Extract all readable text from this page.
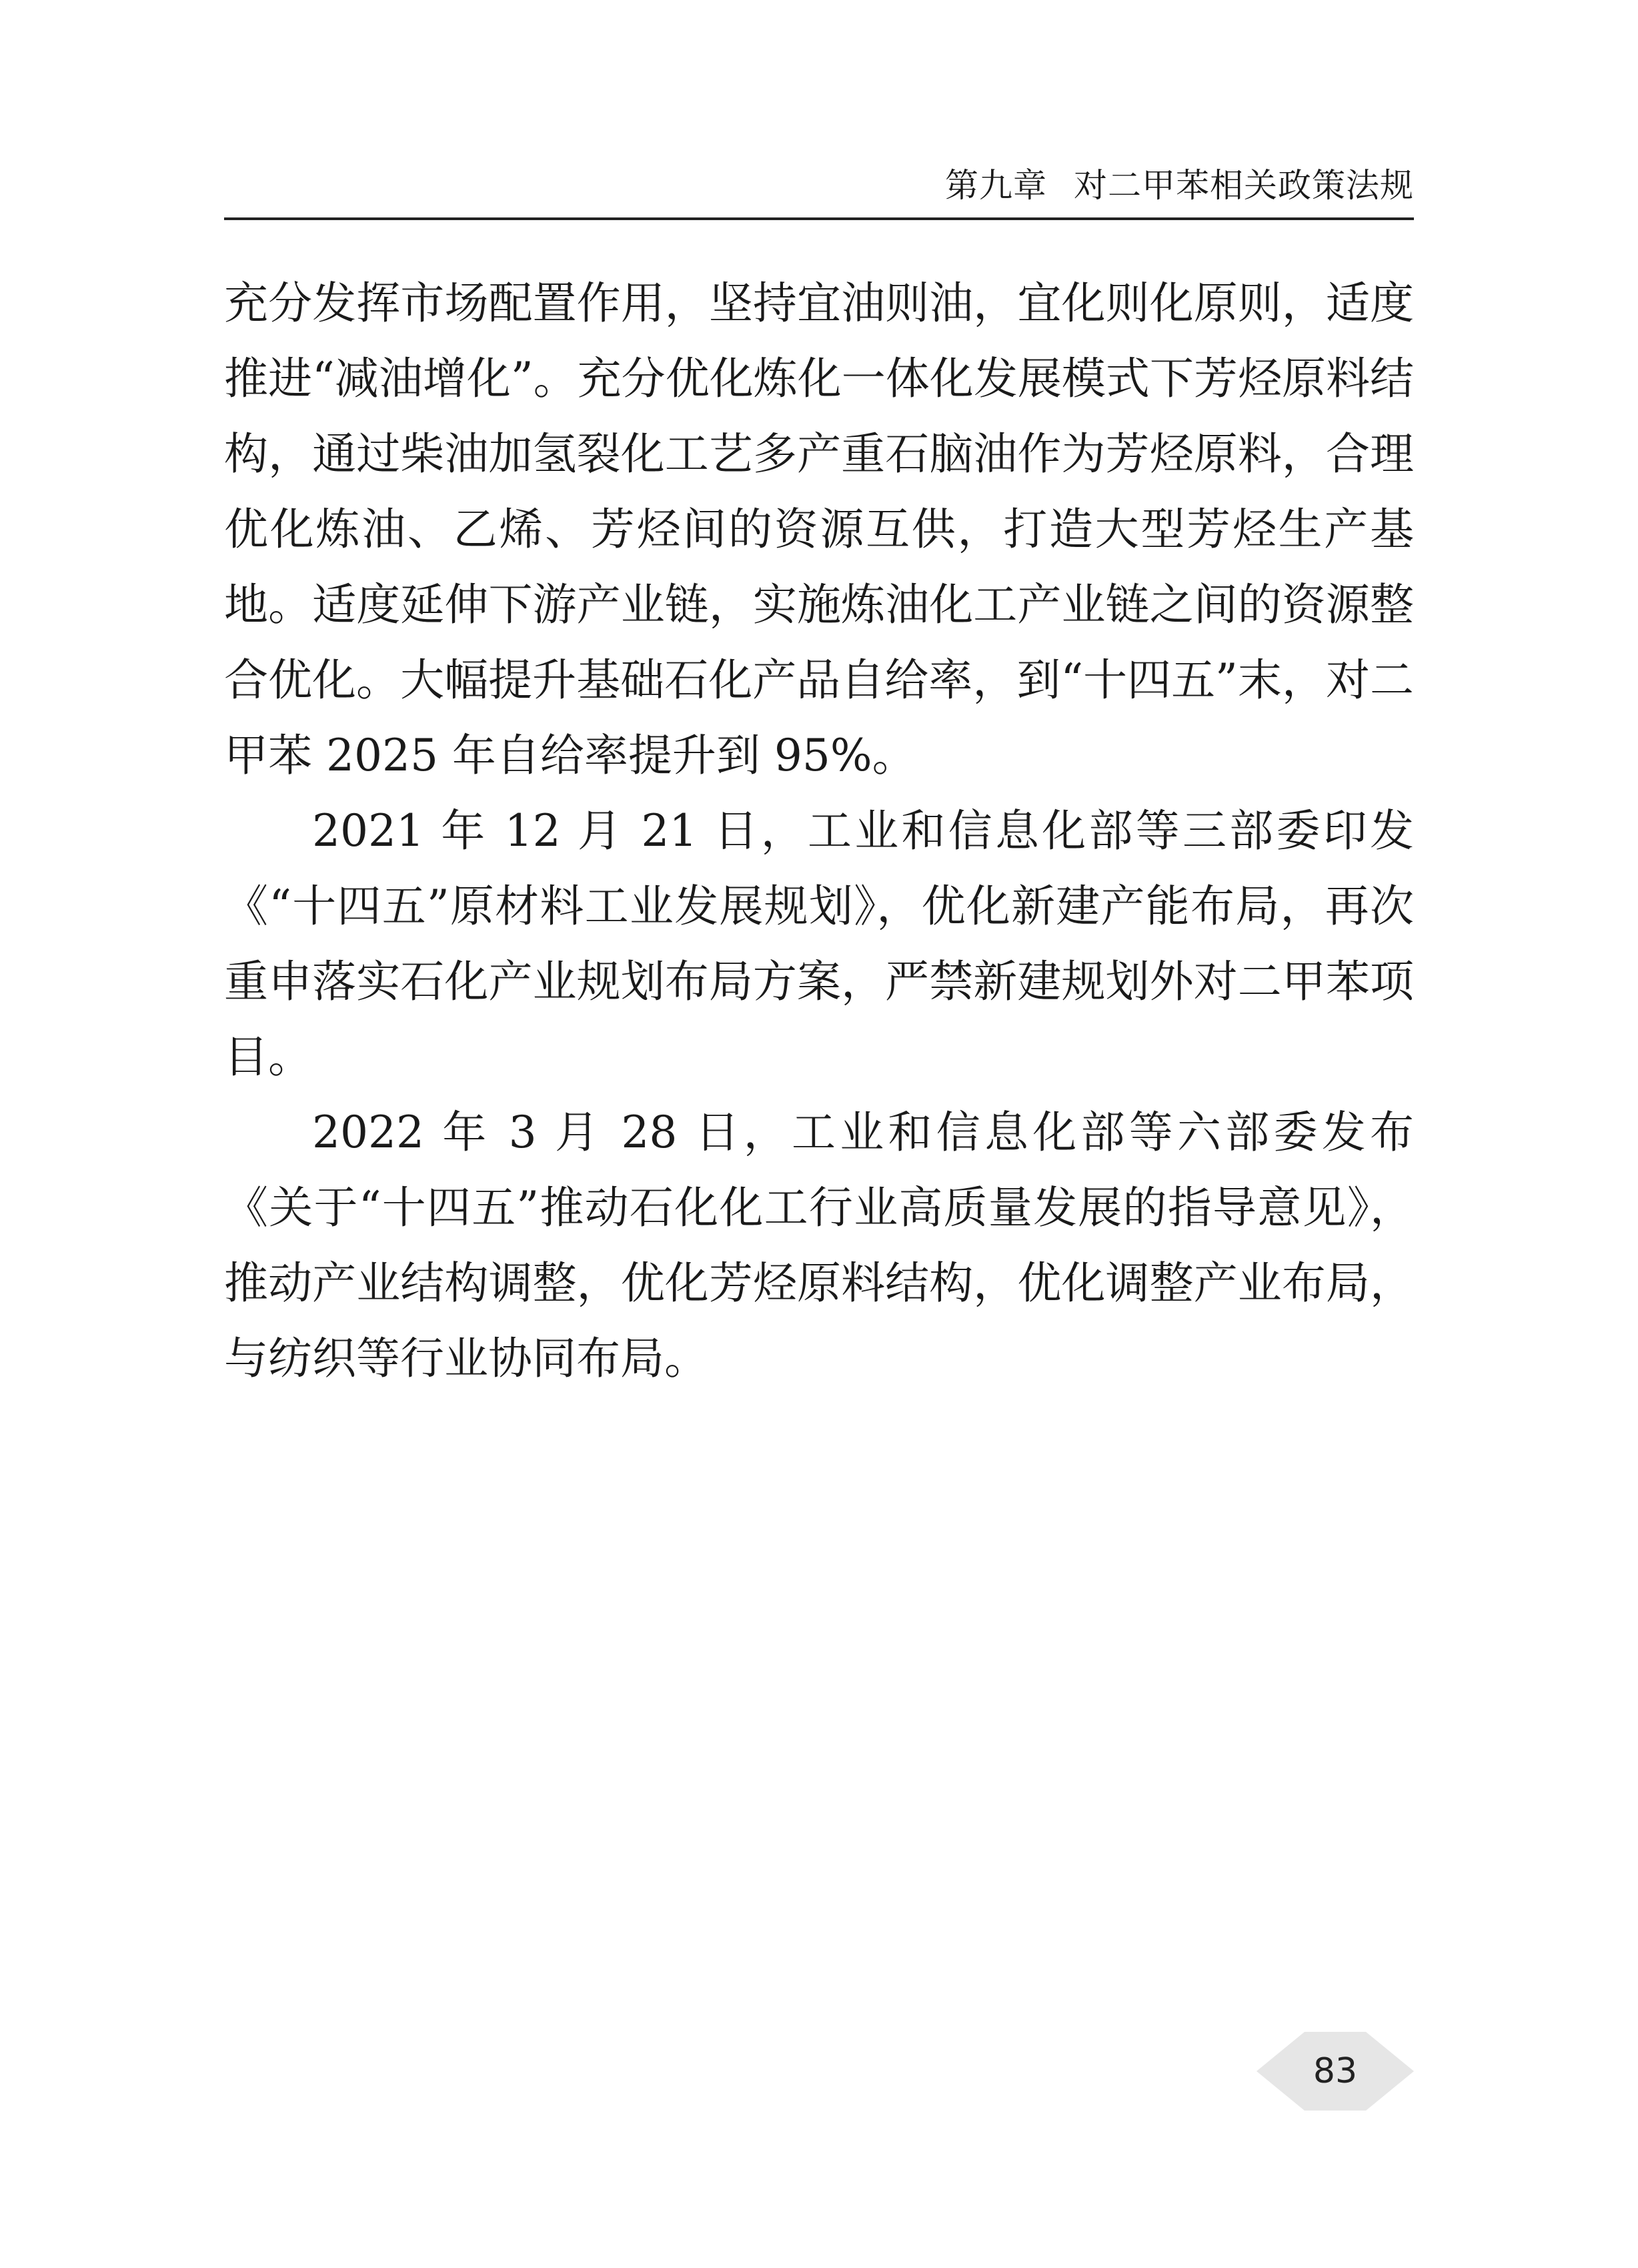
第九章 对二甲苯相关政策法规

充分发挥市场配置作用，坚持宜油则油，宜化则化原则，适度推进“减油增化”。充分优化炼化一体化发展模式下芳烃原料结构，通过柴油加氢裂化工艺多产重石脑油作为芳烃原料，合理优化炼油、乙烯、芳烃间的资源互供，打造大型芳烃生产基地。适度延伸下游产业链，实施炼油化工产业链之间的资源整合优化。大幅提升基础石化产品自给率，到“十四五”末，对二甲苯 2025 年自给率提升到 95%。

2021 年 12 月 21 日，工业和信息化部等三部委印发《“十四五”原材料工业发展规划》，优化新建产能布局，再次重申落实石化产业规划布局方案，严禁新建规划外对二甲苯项目。

2022 年 3 月 28 日，工业和信息化部等六部委发布《关于“十四五”推动石化化工行业高质量发展的指导意见》，推动产业结构调整，优化芳烃原料结构，优化调整产业布局，与纺织等行业协同布局。

83
